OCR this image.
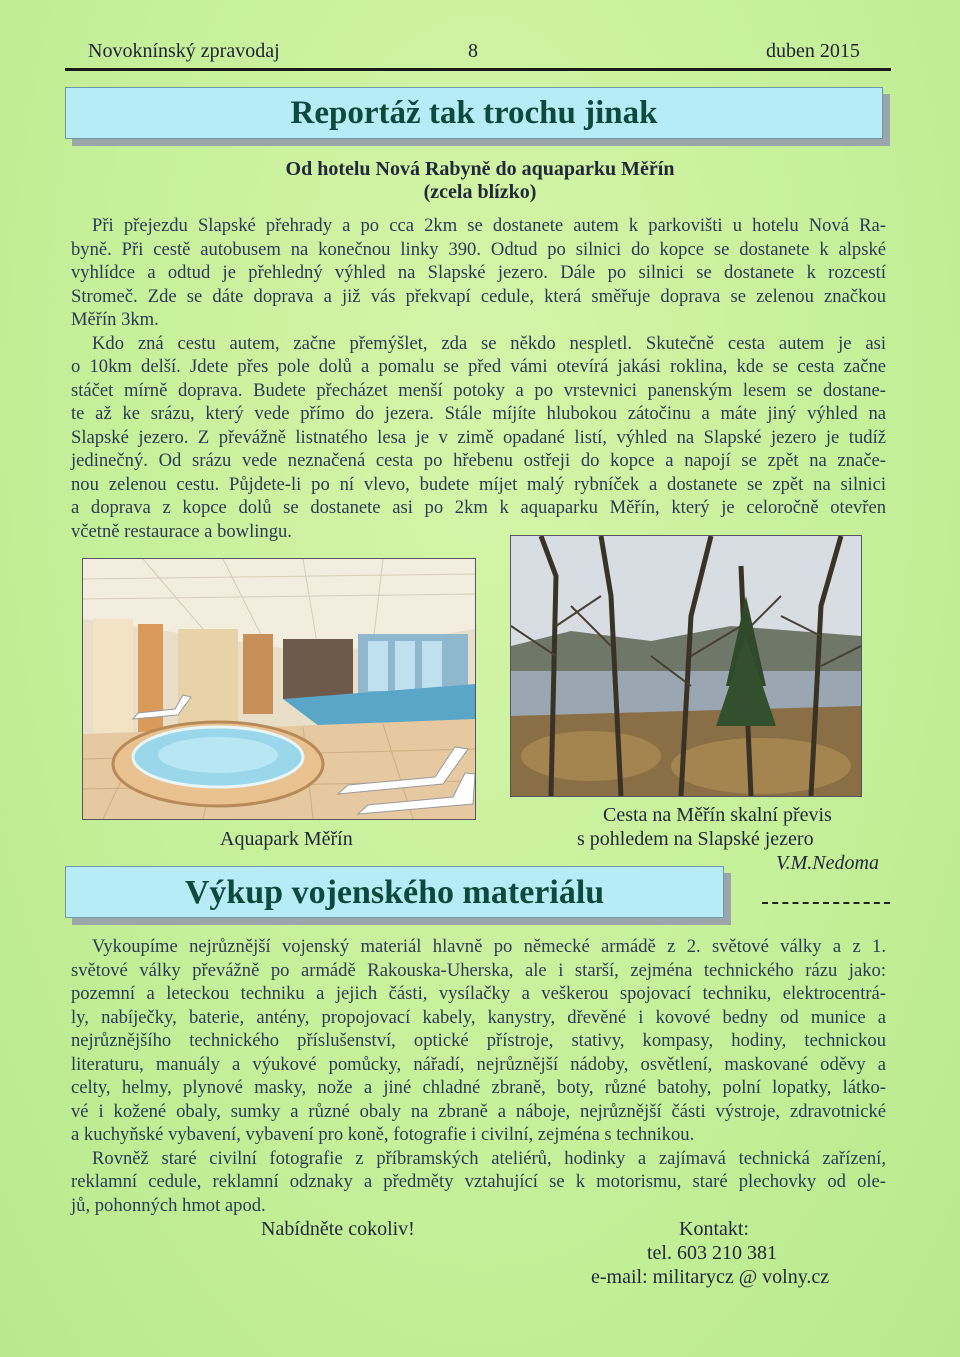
Novoknínský zpravodaj	8	duben 2015
Reportáž tak trochu jinak
Od hotelu Nová Rabyně do aquaparku Měřín
(zcela blízko)
Při přejezdu Slapské přehrady a po cca 2km se dostanete autem k parkovišti u hotelu Nová Ra-
byně. Při cestě autobusem na konečnou linky 390. Odtud po silnici do kopce se dostanete k alpské
vyhlídce a odtud je přehledný výhled na Slapské jezero. Dále po silnici se dostanete k rozcestí
Stromeč. Zde se dáte doprava a již vás překvapí cedule, která směřuje doprava se zelenou značkou
Měřín 3km.
Kdo zná cestu autem, začne přemýšlet, zda se někdo nespletl. Skutečně cesta autem je asi
o 10km delší. Jdete přes pole dolů a pomalu se před vámi otevírá jakási roklina, kde se cesta začne
stáčet mírně doprava. Budete přecházet menší potoky a po vrstevnici panenským lesem se dostane-
te až ke srázu, který vede přímo do jezera. Stále míjíte hlubokou zátočinu a máte jiný výhled na
Slapské jezero. Z převážně listnatého lesa je v zimě opadané listí, výhled na Slapské jezero je tudíž
jedinečný. Od srázu vede neznačená cesta po hřebenu ostřeji do kopce a napojí se zpět na znače-
nou zelenou cestu. Půjdete-li po ní vlevo, budete míjet malý rybníček a dostanete se zpět na silnici
a doprava z kopce dolů se dostanete asi po 2km k aquaparku Měřín, který je celoročně otevřen
včetně restaurace a bowlingu.
Cesta na Měřín skalní převis
Aquapark Měřín	s pohledem na Slapské jezero
V.M.Nedoma
Výkup vojenského materiálu
Vykoupíme nejrůznější vojenský materiál hlavně po německé armádě z 2. světové války a z 1.
světové války převážně po armádě Rakouska-Uherska, ale i starší, zejména technického rázu jako:
pozemní a leteckou techniku a jejich části, vysílačky a veškerou spojovací techniku, elektrocentrá-
ly, nabíječky, baterie, antény, propojovací kabely, kanystry, dřevěné i kovové bedny od munice a
nejrůznějšího technického příslušenství, optické přístroje, stativy, kompasy, hodiny, technickou
literaturu, manuály a výukové pomůcky, nářadí, nejrůznější nádoby, osvětlení, maskované oděvy a
celty, helmy, plynové masky, nože a jiné chladné zbraně, boty, různé batohy, polní lopatky, látko-
vé i kožené obaly, sumky a různé obaly na zbraně a náboje, nejrůznější části výstroje, zdravotnické
a kuchyňské vybavení, vybavení pro koně, fotografie i civilní, zejména s technikou.
Rovněž staré civilní fotografie z příbramských ateliérů, hodinky a zajímavá technická zařízení,
reklamní cedule, reklamní odznaky a předměty vztahující se k motorismu, staré plechovky od ole-
jů, pohonných hmot apod.
Nabídněte cokoliv!	Kontakt:
tel. 603 210 381
e-mail: militarycz @ volny.cz
